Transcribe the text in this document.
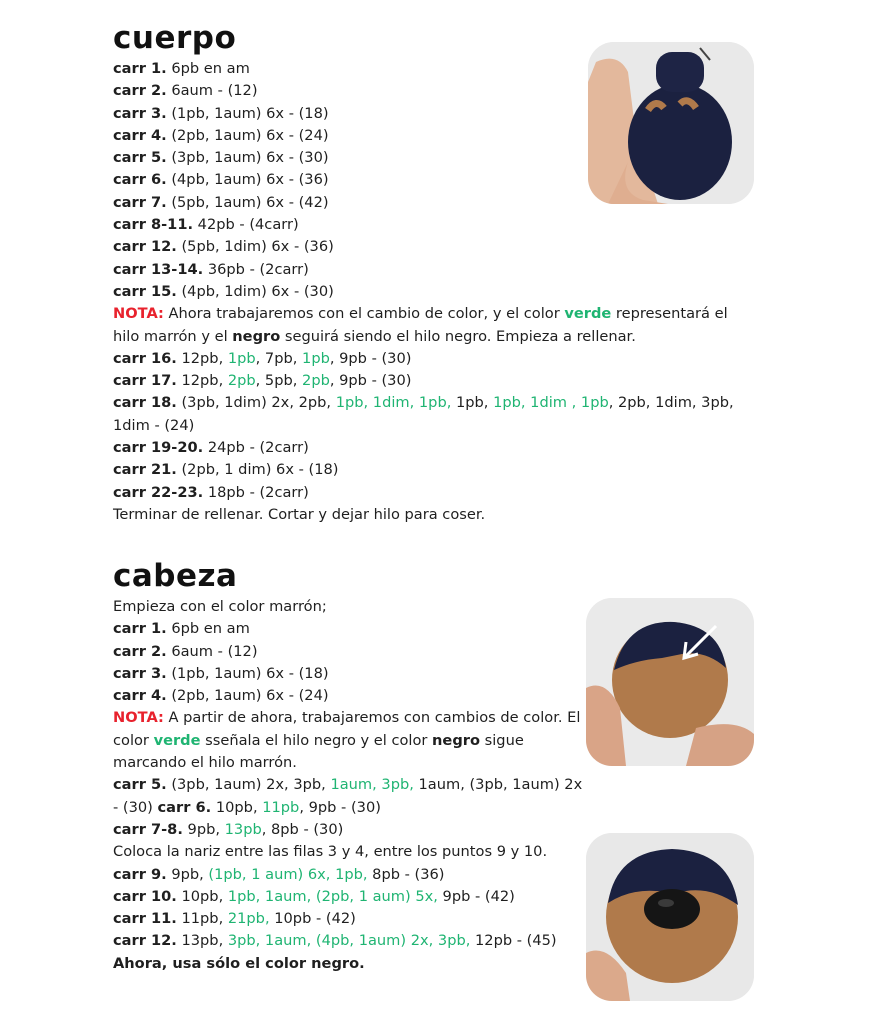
cuerpo
carr 1. 6pb en am
carr 2. 6aum - (12)
carr 3. (1pb, 1aum) 6x - (18)
carr 4. (2pb, 1aum) 6x - (24)
carr 5. (3pb, 1aum) 6x - (30)
carr 6. (4pb, 1aum) 6x - (36)
carr 7. (5pb, 1aum) 6x - (42)
carr 8-11. 42pb - (4carr)
carr 12. (5pb, 1dim) 6x - (36)
carr 13-14. 36pb - (2carr)
carr 15. (4pb, 1dim) 6x - (30)
NOTA: Ahora trabajaremos con el cambio de color, y el color verde representará el hilo marrón y el negro seguirá siendo el hilo negro. Empieza a rellenar.
carr 16. 12pb, 1pb, 7pb, 1pb, 9pb - (30)
carr 17. 12pb, 2pb, 5pb, 2pb, 9pb - (30)
carr 18. (3pb, 1dim) 2x, 2pb, 1pb, 1dim, 1pb, 1pb, 1pb, 1dim , 1pb, 2pb, 1dim, 3pb, 1dim - (24)
carr 19-20. 24pb - (2carr)
carr 21. (2pb, 1 dim) 6x - (18)
carr 22-23. 18pb - (2carr)
Terminar de rellenar. Cortar y dejar hilo para coser.
cabeza
Empieza con el color marrón;
carr 1. 6pb en am
carr 2. 6aum - (12)
carr 3. (1pb, 1aum) 6x - (18)
carr 4. (2pb, 1aum) 6x - (24)
NOTA: A partir de ahora, trabajaremos con cambios de color. El color verde sseñala el hilo negro y el color negro sigue marcando el hilo marrón.
carr 5. (3pb, 1aum) 2x, 3pb, 1aum, 3pb, 1aum, (3pb, 1aum) 2x - (30) carr 6. 10pb, 11pb, 9pb - (30)
carr 7-8. 9pb, 13pb, 8pb - (30)
Coloca la nariz entre las filas 3 y 4, entre los puntos 9 y 10.
carr 9. 9pb, (1pb, 1 aum) 6x, 1pb, 8pb - (36)
carr 10. 10pb, 1pb, 1aum, (2pb, 1 aum) 5x, 9pb - (42)
carr 11. 11pb, 21pb, 10pb - (42)
carr 12. 13pb, 3pb, 1aum, (4pb, 1aum) 2x, 3pb, 12pb - (45)
Ahora, usa sólo el color negro.
